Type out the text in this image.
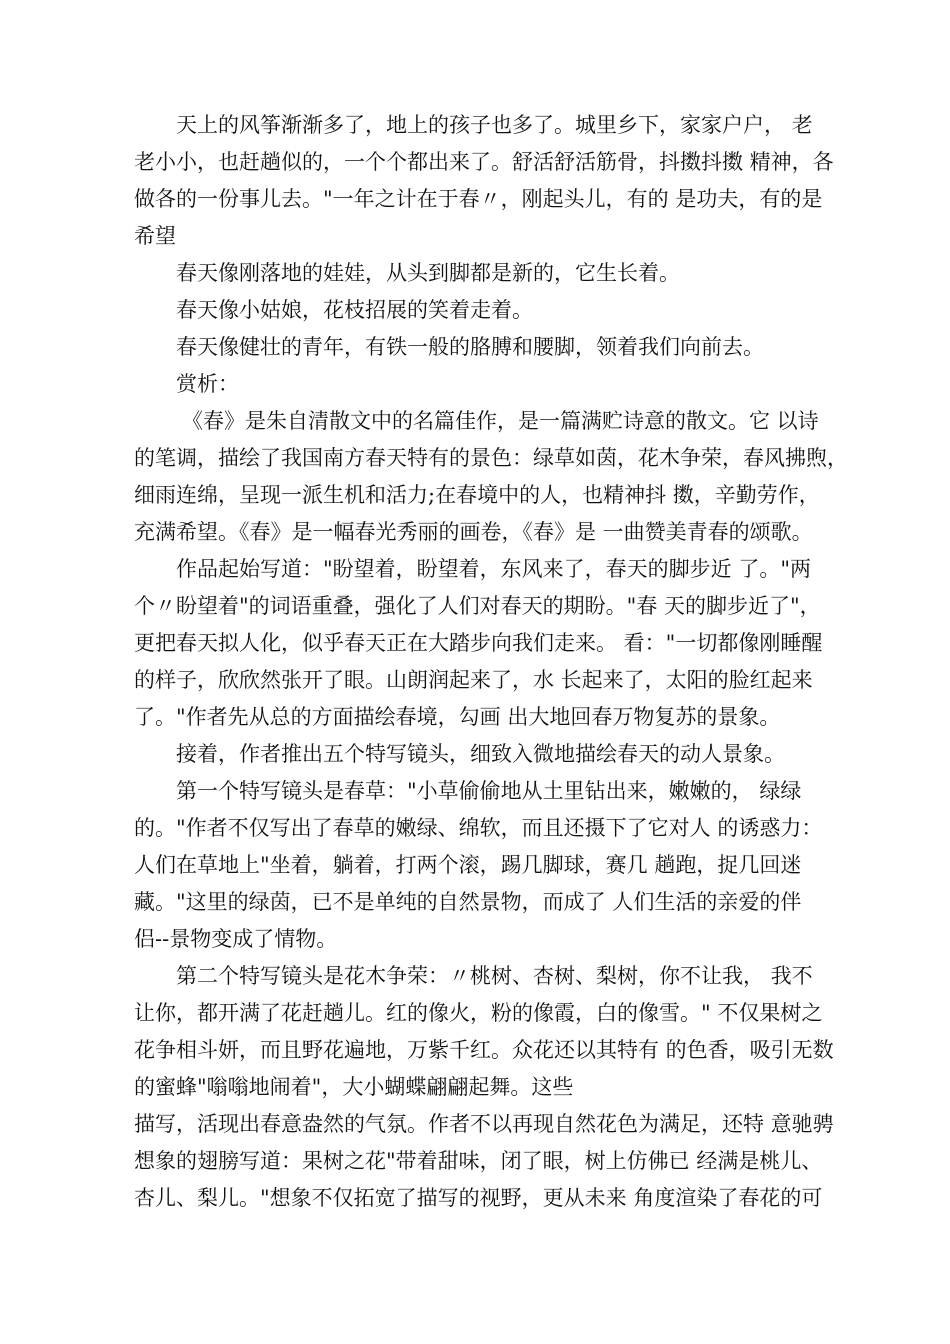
天上的风筝渐渐多了，地上的孩子也多了。城里乡下，家家户户， 老
老小小，也赶趟似的，一个个都出来了。舒活舒活筋骨，抖擞抖擞 精神，各
做各的一份事儿去。"一年之计在于春〃，刚起头儿，有的 是功夫，有的是
希望
春天像刚落地的娃娃，从头到脚都是新的，它生长着。
春天像小姑娘，花枝招展的笑着走着。
春天像健壮的青年，有铁一般的胳膊和腰脚，领着我们向前去。
赏析：
《春》是朱自清散文中的名篇佳作，是一篇满贮诗意的散文。它 以诗
的笔调，描绘了我国南方春天特有的景色：绿草如茵，花木争荣，春风拂煦，
细雨连绵，呈现一派生机和活力;在春境中的人，也精神抖 擞，辛勤劳作，
充满希望。《春》是一幅春光秀丽的画卷，《春》是 一曲赞美青春的颂歌。
作品起始写道："盼望着，盼望着，东风来了，春天的脚步近 了。"两
个〃盼望着"的词语重叠，强化了人们对春天的期盼。"春 天的脚步近了"，
更把春天拟人化，似乎春天正在大踏步向我们走来。 看："一切都像刚睡醒
的样子，欣欣然张开了眼。山朗润起来了，水 长起来了，太阳的脸红起来
了。"作者先从总的方面描绘春境，勾画 出大地回春万物复苏的景象。
接着，作者推出五个特写镜头，细致入微地描绘春天的动人景象。
第一个特写镜头是春草："小草偷偷地从土里钻出来，嫩嫩的， 绿绿
的。"作者不仅写出了春草的嫩绿、绵软，而且还摄下了它对人 的诱惑力：
人们在草地上"坐着，躺着，打两个滚，踢几脚球，赛几 趟跑，捉几回迷
藏。"这里的绿茵，已不是单纯的自然景物，而成了 人们生活的亲爱的伴
侣--景物变成了情物。
第二个特写镜头是花木争荣：〃桃树、杏树、梨树，你不让我， 我不
让你，都开满了花赶趟儿。红的像火，粉的像霞，白的像雪。" 不仅果树之
花争相斗妍，而且野花遍地，万紫千红。众花还以其特有 的色香，吸引无数
的蜜蜂"嗡嗡地闹着"，大小蝴蝶翩翩起舞。这些
描写，活现出春意盎然的气氛。作者不以再现自然花色为满足，还特 意驰骋
想象的翅膀写道：果树之花"带着甜味，闭了眼，树上仿佛已 经满是桃儿、
杏儿、梨儿。"想象不仅拓宽了描写的视野，更从未来 角度渲染了春花的可
